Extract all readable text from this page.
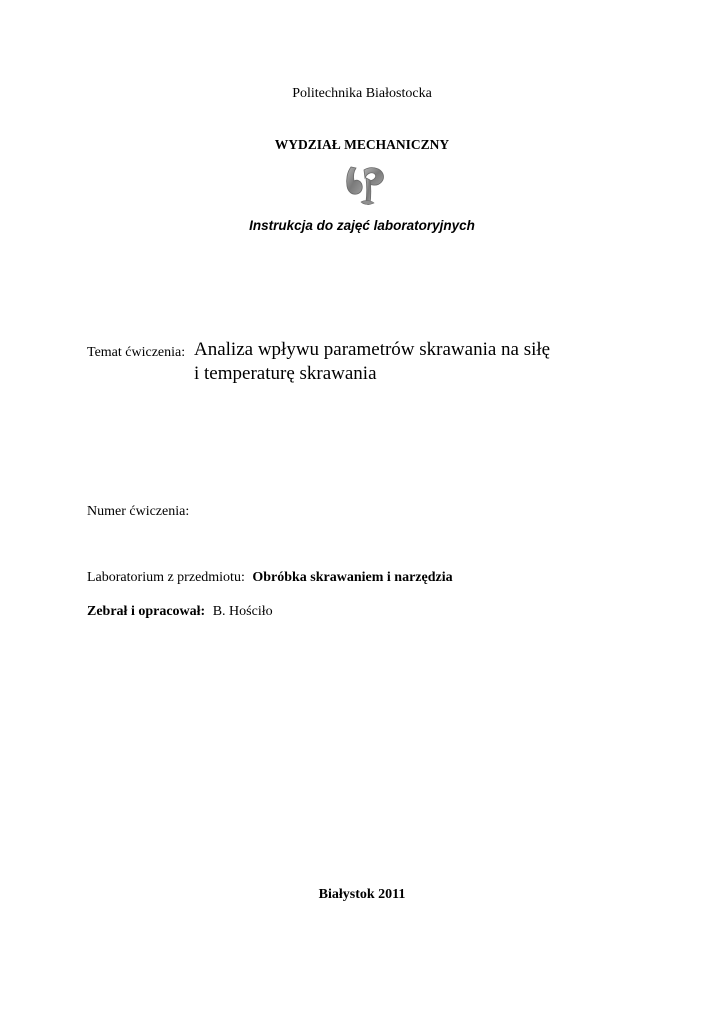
Politechnika Białostocka
WYDZIAŁ MECHANICZNY
Instrukcja do zajęć laboratoryjnych
Temat ćwiczenia: Analiza wpływu parametrów skrawania na siłę
i temperaturę skrawania
Numer ćwiczenia:
Laboratorium z przedmiotu: Obróbka skrawaniem i narzędzia
Zebrał i opracował: B. Hościło
Białystok 2011
